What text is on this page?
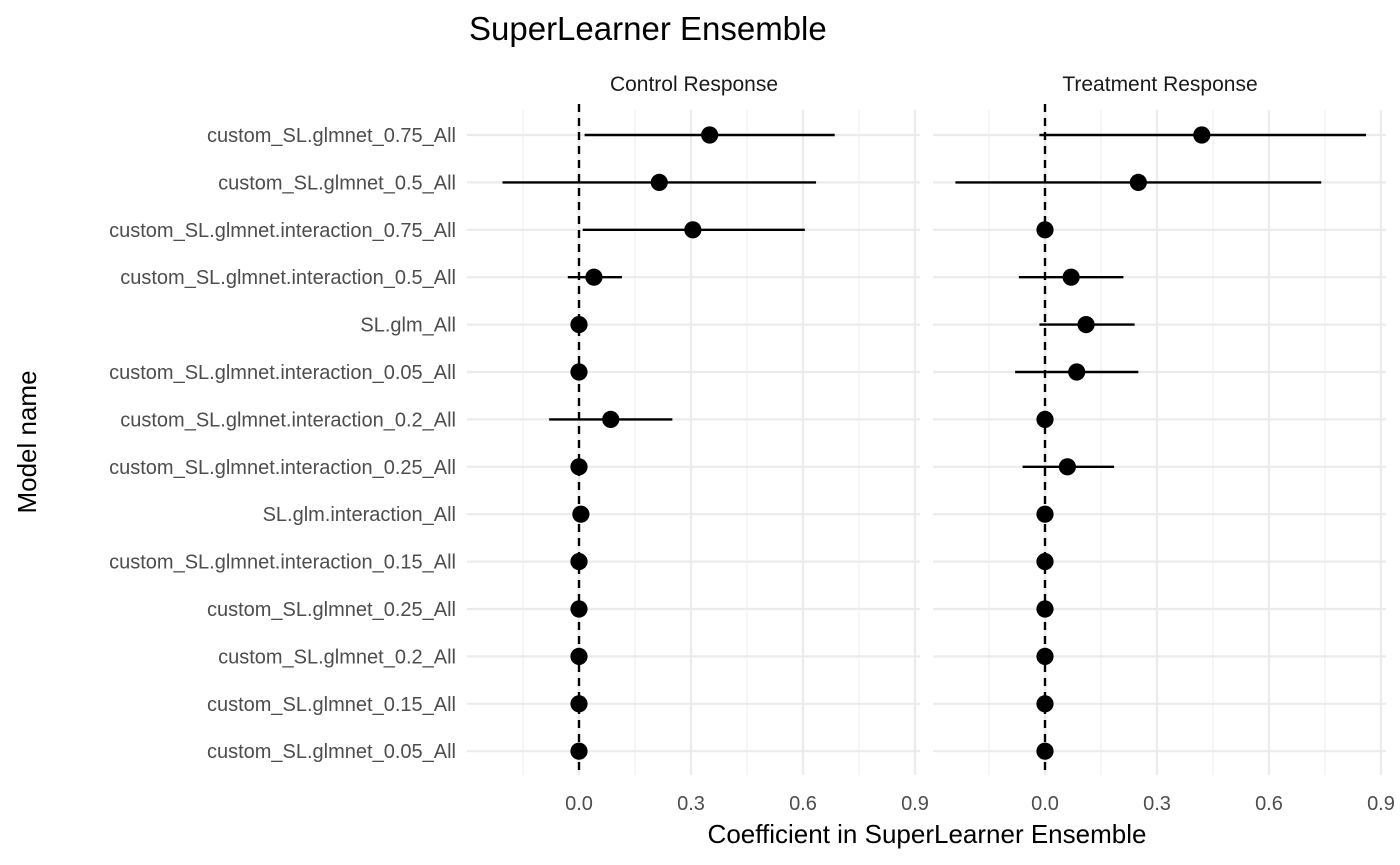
SuperLearner Ensemble
Control Response	Treatment Response
custom_SL.glmnet_0.75_All
custom_SL.glmnet_0.5_All
custom_SL.glmnet.interaction_0.75_All
custom_SL.glmnet.interaction_0.5_All
SL.glm_All
custom_SL.glmnet.interaction_0.05_All
custom_SL.glmnet.interaction_0.2_All
custom_SL.glmnet.interaction_0.25_All
SL.glm.interaction_All
custom_SL.glmnet.interaction_0.15_All
custom_SL.glmnet_0.25_All
custom_SL.glmnet_0.2_All
custom_SL.glmnet_0.15_All
custom_SL.glmnet_0.05_All
0.0	0.3	0.6	0.9	0.0	0.3	0.6	0.9
Coefficient in SuperLearner Ensemble
Model name
